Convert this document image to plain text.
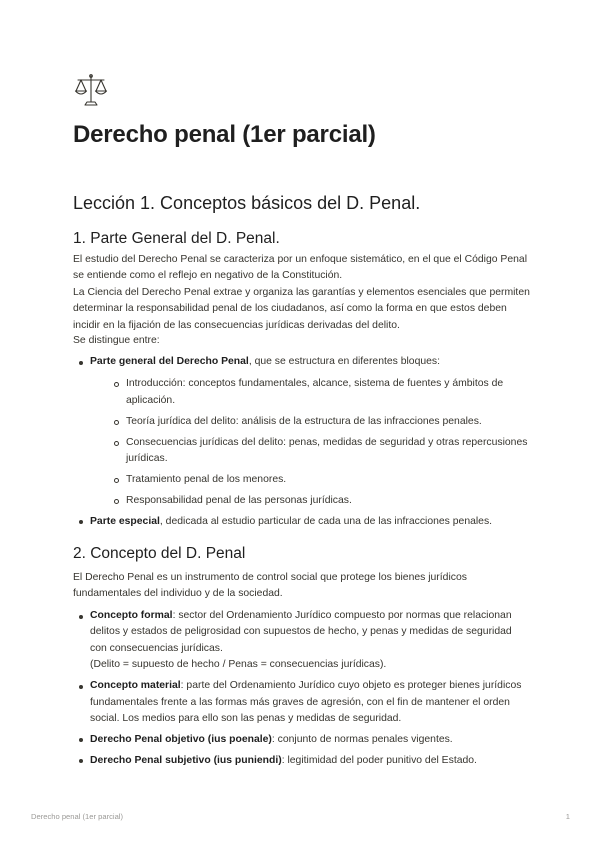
Derecho penal (1er parcial)
Lección 1. Conceptos básicos del D. Penal.
1. Parte General del D. Penal.

El estudio del Derecho Penal se caracteriza por un enfoque sistemático, en el que el Código Penal se entiende como el reflejo en negativo de la Constitución.

La Ciencia del Derecho Penal extrae y organiza las garantías y elementos esenciales que permiten determinar la responsabilidad penal de los ciudadanos, así como la forma en que estos deben incidir en la fijación de las consecuencias jurídicas derivadas del delito.

Se distingue entre:

Parte general del Derecho Penal, que se estructura en diferentes bloques:
Introducción: conceptos fundamentales, alcance, sistema de fuentes y ámbitos de aplicación.
Teoría jurídica del delito: análisis de la estructura de las infracciones penales.
Consecuencias jurídicas del delito: penas, medidas de seguridad y otras repercusiones jurídicas.
Tratamiento penal de los menores.
Responsabilidad penal de las personas jurídicas.
Parte especial, dedicada al estudio particular de cada una de las infracciones penales.
2. Concepto del D. Penal

El Derecho Penal es un instrumento de control social que protege los bienes jurídicos fundamentales del individuo y de la sociedad.

Concepto formal: sector del Ordenamiento Jurídico compuesto por normas que relacionan delitos y estados de peligrosidad con supuestos de hecho, y penas y medidas de seguridad con consecuencias jurídicas.
(Delito = supuesto de hecho / Penas = consecuencias jurídicas).
Concepto material: parte del Ordenamiento Jurídico cuyo objeto es proteger bienes jurídicos fundamentales frente a las formas más graves de agresión, con el fin de mantener el orden social. Los medios para ello son las penas y medidas de seguridad.
Derecho Penal objetivo (ius poenale): conjunto de normas penales vigentes.
Derecho Penal subjetivo (ius puniendi): legitimidad del poder punitivo del Estado.
Derecho penal (1er parcial)	1
